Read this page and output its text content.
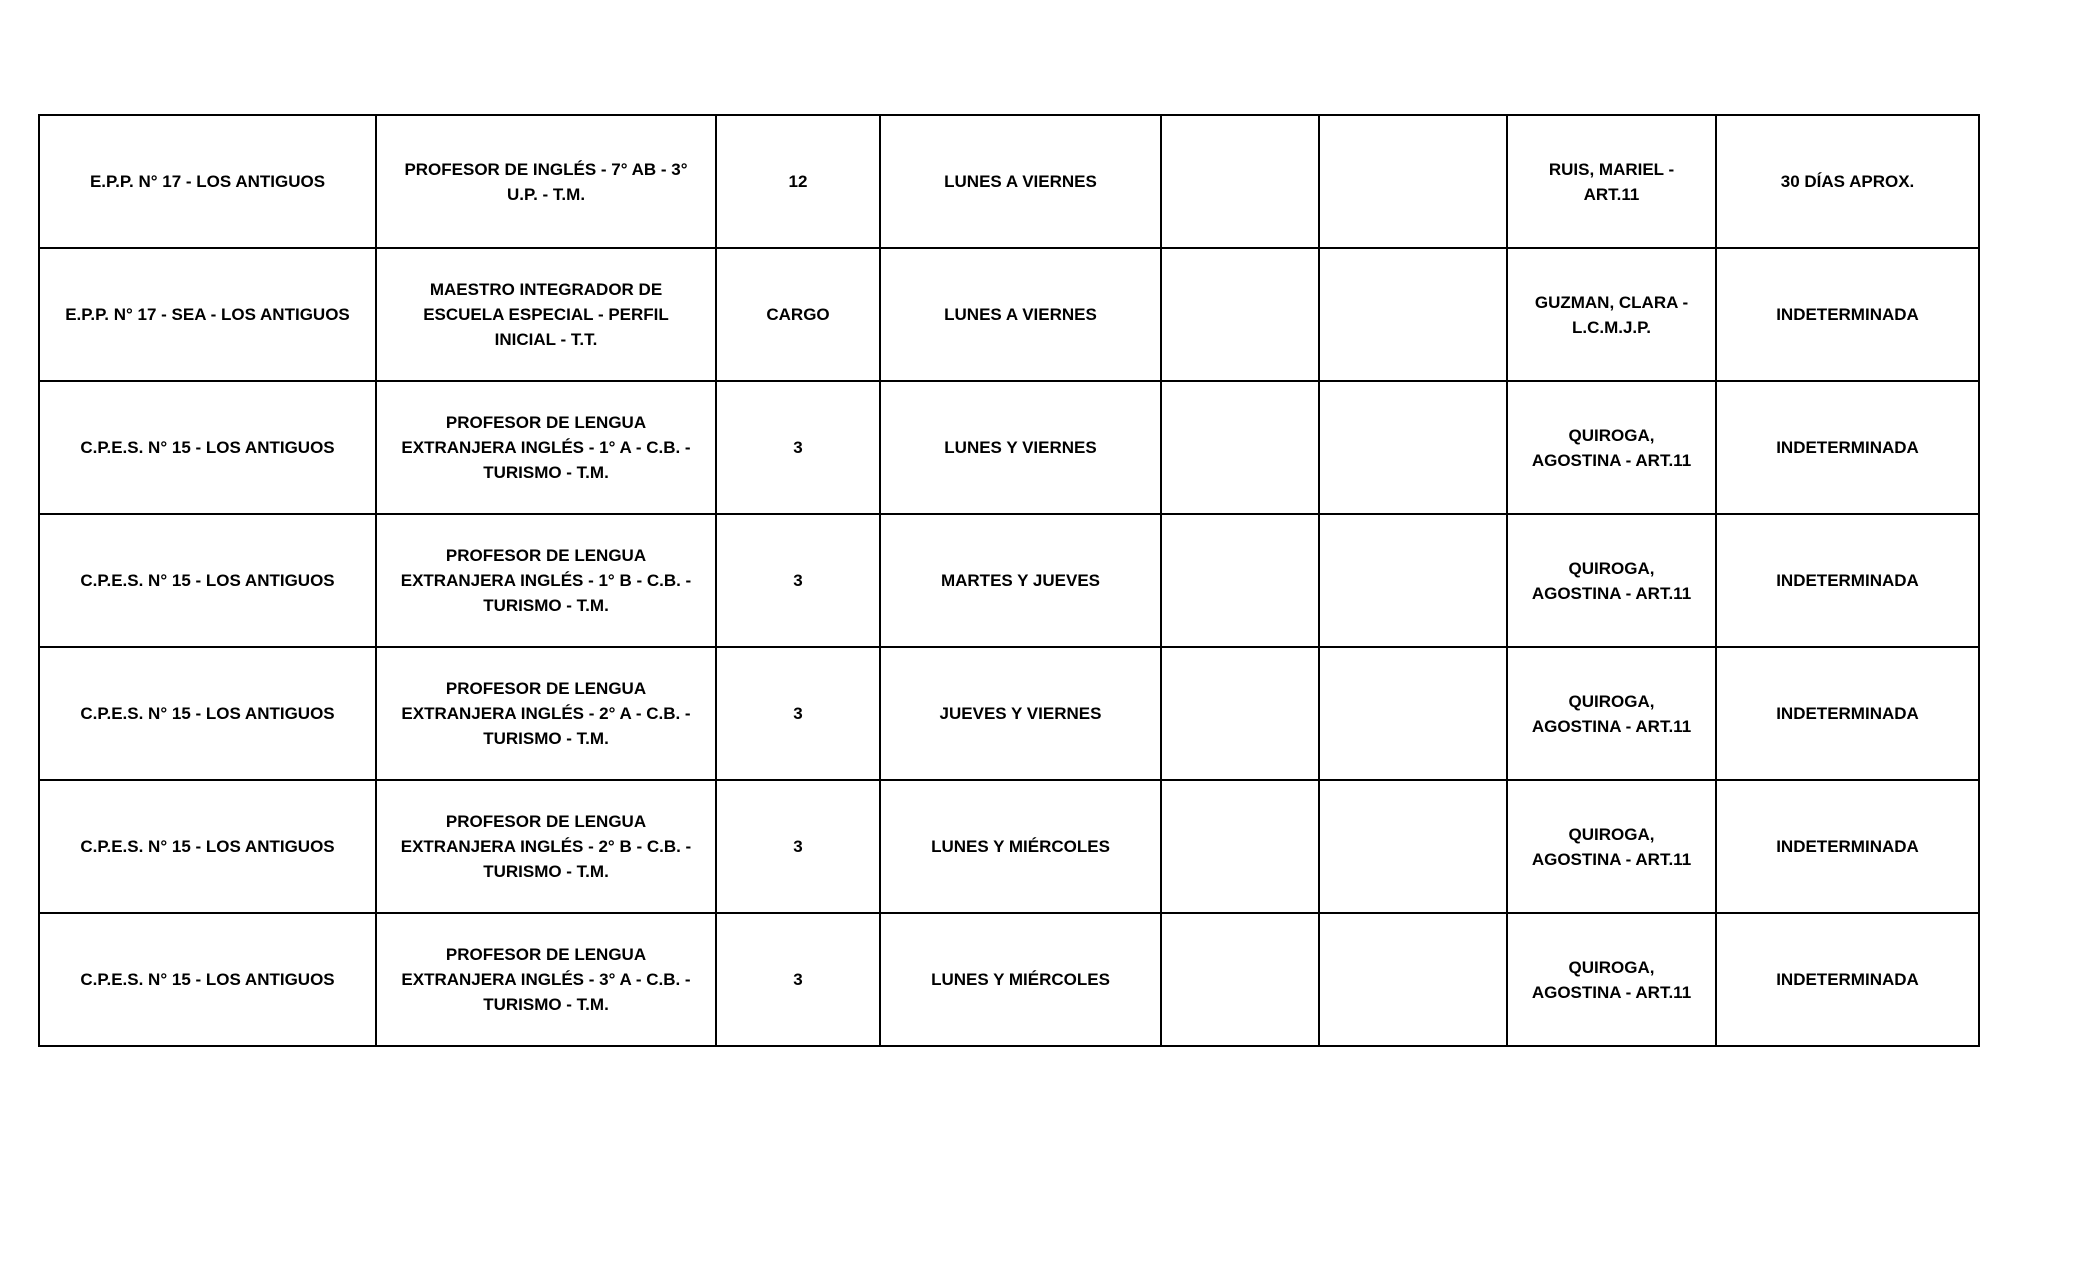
E.P.P. N° 17 - LOS ANTIGUOS	PROFESOR DE INGLÉS - 7° AB - 3° U.P. - T.M.	12	LUNES A VIERNES			RUIS, MARIEL - ART.11	30 DÍAS APROX.
E.P.P. N° 17 - SEA - LOS ANTIGUOS	MAESTRO INTEGRADOR DE ESCUELA ESPECIAL - PERFIL INICIAL - T.T.	CARGO	LUNES A VIERNES			GUZMAN, CLARA - L.C.M.J.P.	INDETERMINADA
C.P.E.S. N° 15 - LOS ANTIGUOS	PROFESOR DE LENGUA EXTRANJERA INGLÉS - 1° A - C.B. - TURISMO - T.M.	3	LUNES Y VIERNES			QUIROGA, AGOSTINA - ART.11	INDETERMINADA
C.P.E.S. N° 15 - LOS ANTIGUOS	PROFESOR DE LENGUA EXTRANJERA INGLÉS - 1° B - C.B. - TURISMO - T.M.	3	MARTES Y JUEVES			QUIROGA, AGOSTINA - ART.11	INDETERMINADA
C.P.E.S. N° 15 - LOS ANTIGUOS	PROFESOR DE LENGUA EXTRANJERA INGLÉS - 2° A - C.B. - TURISMO - T.M.	3	JUEVES Y VIERNES			QUIROGA, AGOSTINA - ART.11	INDETERMINADA
C.P.E.S. N° 15 - LOS ANTIGUOS	PROFESOR DE LENGUA EXTRANJERA INGLÉS - 2° B - C.B. - TURISMO - T.M.	3	LUNES Y MIÉRCOLES			QUIROGA, AGOSTINA - ART.11	INDETERMINADA
C.P.E.S. N° 15 - LOS ANTIGUOS	PROFESOR DE LENGUA EXTRANJERA INGLÉS - 3° A - C.B. - TURISMO - T.M.	3	LUNES Y MIÉRCOLES			QUIROGA, AGOSTINA - ART.11	INDETERMINADA
